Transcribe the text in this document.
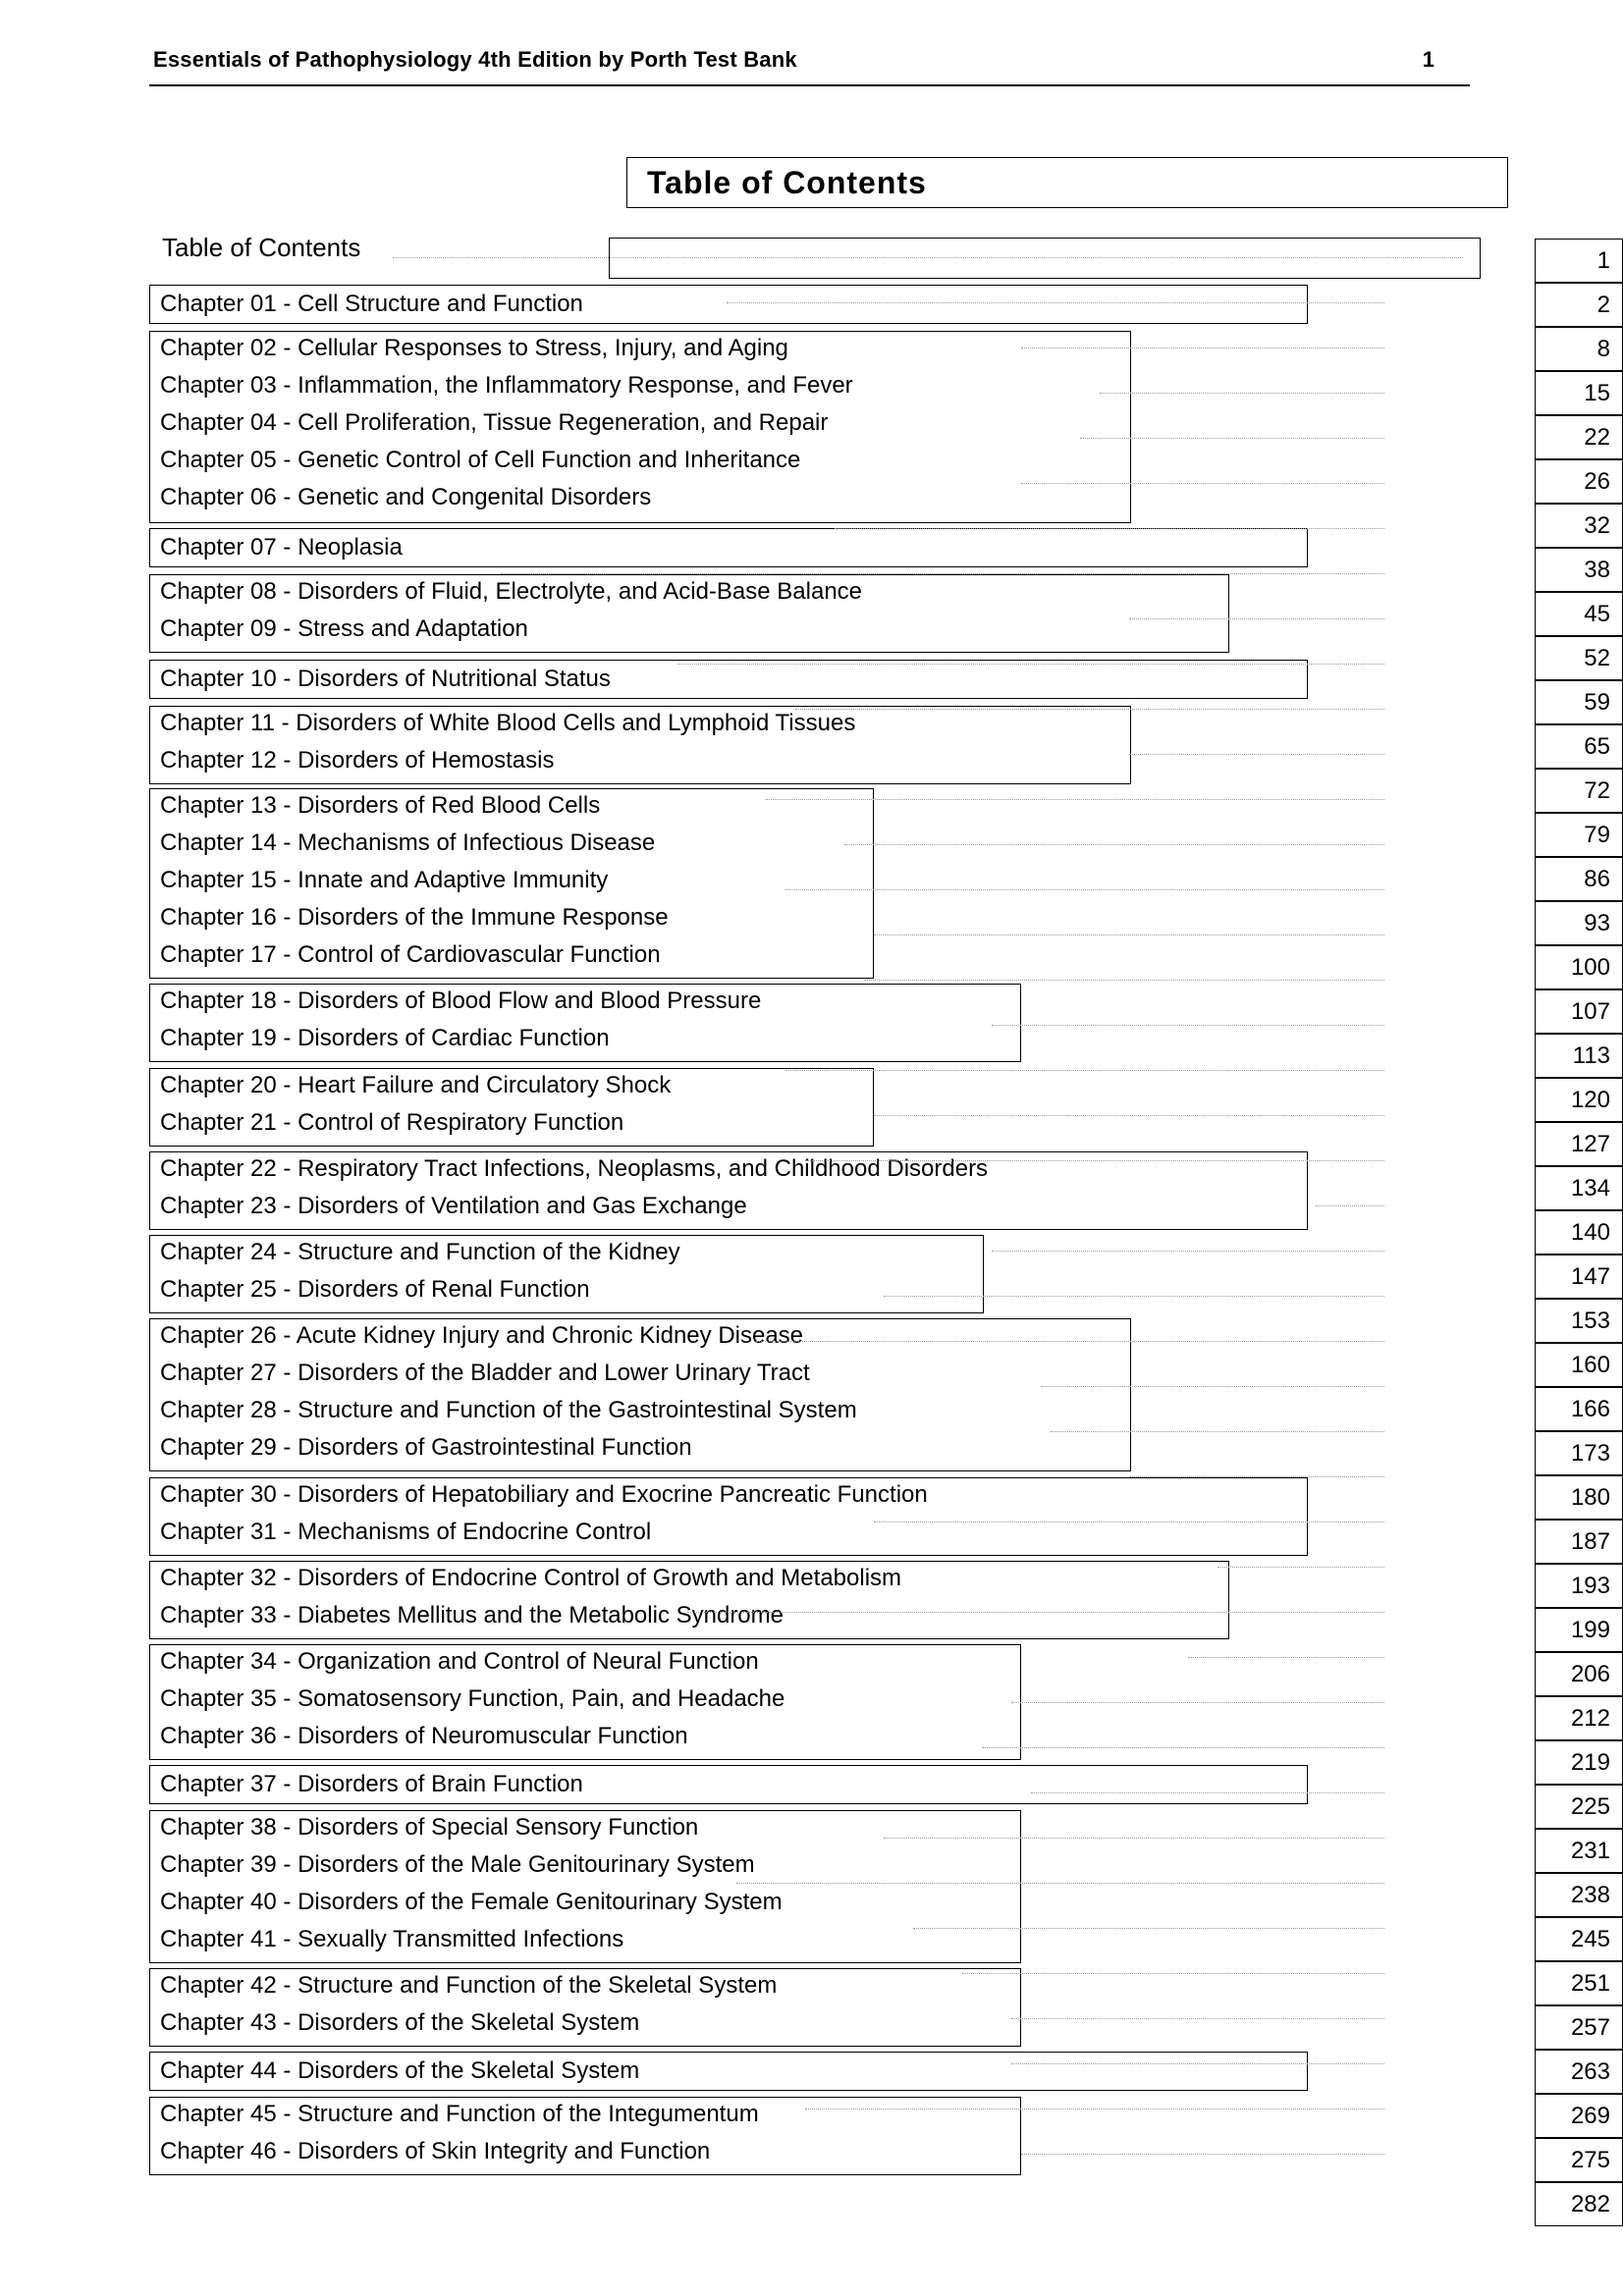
Essentials of Pathophysiology 4th Edition by Porth Test Bank	1
Table of Contents
Table of Contents
Chapter 01 - Cell Structure and Function
Chapter 02 - Cellular Responses to Stress, Injury, and Aging
Chapter 03 - Inflammation, the Inflammatory Response, and Fever
Chapter 04 - Cell Proliferation, Tissue Regeneration, and Repair
Chapter 05 - Genetic Control of Cell Function and Inheritance
Chapter 06 - Genetic and Congenital Disorders
Chapter 07 - Neoplasia
Chapter 08 - Disorders of Fluid, Electrolyte, and Acid-Base Balance
Chapter 09 - Stress and Adaptation
Chapter 10 - Disorders of Nutritional Status
Chapter 11 - Disorders of White Blood Cells and Lymphoid Tissues
Chapter 12 - Disorders of Hemostasis
Chapter 13 - Disorders of Red Blood Cells
Chapter 14 - Mechanisms of Infectious Disease
Chapter 15 - Innate and Adaptive Immunity
Chapter 16 - Disorders of the Immune Response
Chapter 17 - Control of Cardiovascular Function
Chapter 18 - Disorders of Blood Flow and Blood Pressure
Chapter 19 - Disorders of Cardiac Function
Chapter 20 - Heart Failure and Circulatory Shock
Chapter 21 - Control of Respiratory Function
Chapter 22 - Respiratory Tract Infections, Neoplasms, and Childhood Disorders
Chapter 23 - Disorders of Ventilation and Gas Exchange
Chapter 24 - Structure and Function of the Kidney
Chapter 25 - Disorders of Renal Function
Chapter 26 - Acute Kidney Injury and Chronic Kidney Disease
Chapter 27 - Disorders of the Bladder and Lower Urinary Tract
Chapter 28 - Structure and Function of the Gastrointestinal System
Chapter 29 - Disorders of Gastrointestinal Function
Chapter 30 - Disorders of Hepatobiliary and Exocrine Pancreatic Function
Chapter 31 - Mechanisms of Endocrine Control
Chapter 32 - Disorders of Endocrine Control of Growth and Metabolism
Chapter 33 - Diabetes Mellitus and the Metabolic Syndrome
Chapter 34 - Organization and Control of Neural Function
Chapter 35 - Somatosensory Function, Pain, and Headache
Chapter 36 - Disorders of Neuromuscular Function
Chapter 37 - Disorders of Brain Function
Chapter 38 - Disorders of Special Sensory Function
Chapter 39 - Disorders of the Male Genitourinary System
Chapter 40 - Disorders of the Female Genitourinary System
Chapter 41 - Sexually Transmitted Infections
Chapter 42 - Structure and Function of the Skeletal System
Chapter 43 - Disorders of the Skeletal System
Chapter 44 - Disorders of the Skeletal System
Chapter 45 - Structure and Function of the Integumentum
Chapter 46 - Disorders of Skin Integrity and Function
1
2
8
15
22
26
32
38
45
52
59
65
72
79
86
93
100
107
113
120
127
134
140
147
153
160
166
173
180
187
193
199
206
212
219
225
231
238
245
251
257
263
269
275
282
